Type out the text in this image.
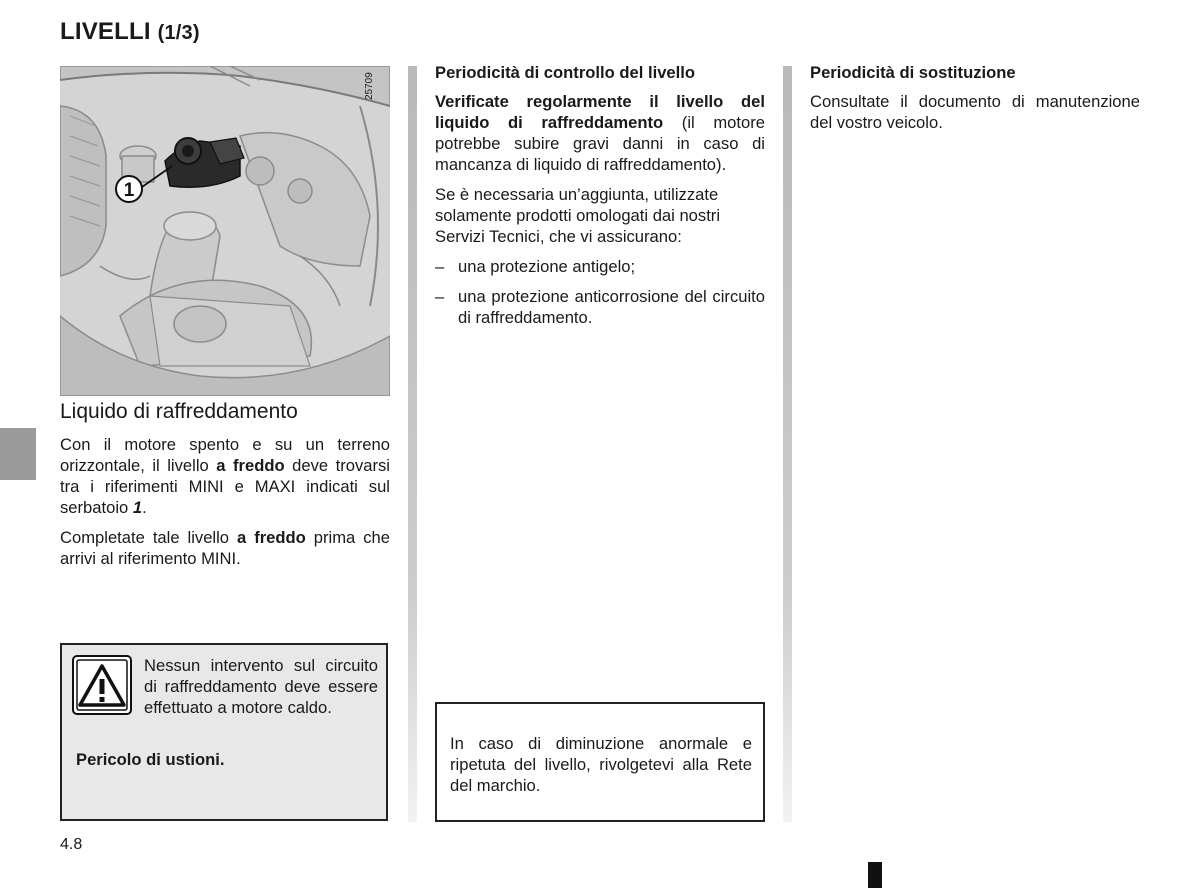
LIVELLI (1/3)
1
25709
Liquido di raffreddamento

Con il motore spento e su un terreno orizzontale, il livello a freddo deve trovarsi tra i riferimenti MINI e MAXI indicati sul serbatoio 1.

Completate tale livello a freddo prima che arrivi al riferimento MINI.

Nessun intervento sul circuito di raffreddamento deve essere effettuato a motore caldo.
Pericolo di ustioni.

Periodicità di controllo del livello

Verificate regolarmente il livello del liquido di raffreddamento (il motore potrebbe subire gravi danni in caso di mancanza di liquido di raffreddamento).

Se è necessaria un’aggiunta, utilizzate solamente prodotti omologati dai nostri Servizi Tecnici, che vi assicurano:

– una protezione antigelo;

– una protezione anticorrosione del circuito di raffreddamento.

In caso di diminuzione anormale e ripetuta del livello, rivolgetevi alla Rete del marchio.

Periodicità di sostituzione

Consultate il documento di manutenzione del vostro veicolo.

4.8
